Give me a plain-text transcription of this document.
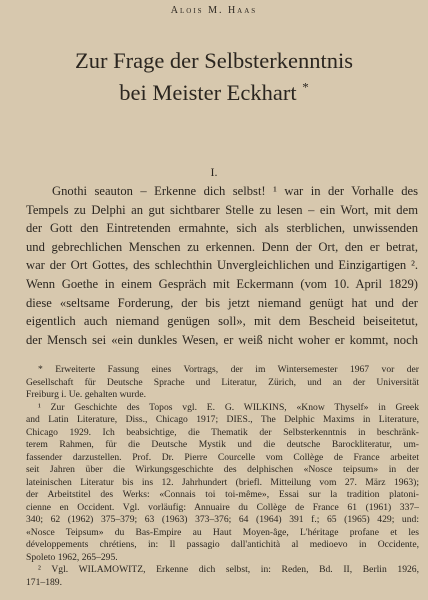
Alois M. Haas
Zur Frage der Selbsterkenntnis
bei Meister Eckhart *
I.
Gnothi seauton – Erkenne dich selbst! ¹ war in der Vorhalle des
Tempels zu Delphi an gut sichtbarer Stelle zu lesen – ein Wort, mit dem
der Gott den Eintretenden ermahnte, sich als sterblichen, unwissenden
und gebrechlichen Menschen zu erkennen. Denn der Ort, den er betrat,
war der Ort Gottes, des schlechthin Unvergleichlichen und Einzigartigen ².
Wenn Goethe in einem Gespräch mit Eckermann (vom 10. April 1829)
diese «seltsame Forderung, der bis jetzt niemand genügt hat und der
eigentlich auch niemand genügen soll», mit dem Bescheid beiseitetut,
der Mensch sei «ein dunkles Wesen, er weiß nicht woher er kommt, noch
* Erweiterte Fassung eines Vortrags, der im Wintersemester 1967 vor der
Gesellschaft für Deutsche Sprache und Literatur, Zürich, und an der Universität
Freiburg i. Ue. gehalten wurde.
¹ Zur Geschichte des Topos vgl. E. G. WILKINS, «Know Thyself» in Greek
and Latin Literature, Diss., Chicago 1917; DIES., The Delphic Maxims in Literature,
Chicago 1929. Ich beabsichtige, die Thematik der Selbsterkenntnis in beschränk-
terem Rahmen, für die Deutsche Mystik und die deutsche Barockliteratur, um-
fassender darzustellen. Prof. Dr. Pierre Courcelle vom Collège de France arbeitet
seit Jahren über die Wirkungsgeschichte des delphischen «Nosce teipsum» in der
lateinischen Literatur bis ins 12. Jahrhundert (briefl. Mitteilung vom 27. März 1963);
der Arbeitstitel des Werks: «Connais toi toi-même», Essai sur la tradition platoni-
cienne en Occident. Vgl. vorläufig: Annuaire du Collège de France 61 (1961) 337–
340; 62 (1962) 375–379; 63 (1963) 373–376; 64 (1964) 391 f.; 65 (1965) 429; und:
«Nosce Teipsum» du Bas-Empire au Haut Moyen-âge, L'héritage profane et les
développements chrétiens, in: Il passagio dall'antichità al medioevo in Occidente,
Spoleto 1962, 265–295.
² Vgl. WILAMOWITZ, Erkenne dich selbst, in: Reden, Bd. II, Berlin 1926,
171–189.
